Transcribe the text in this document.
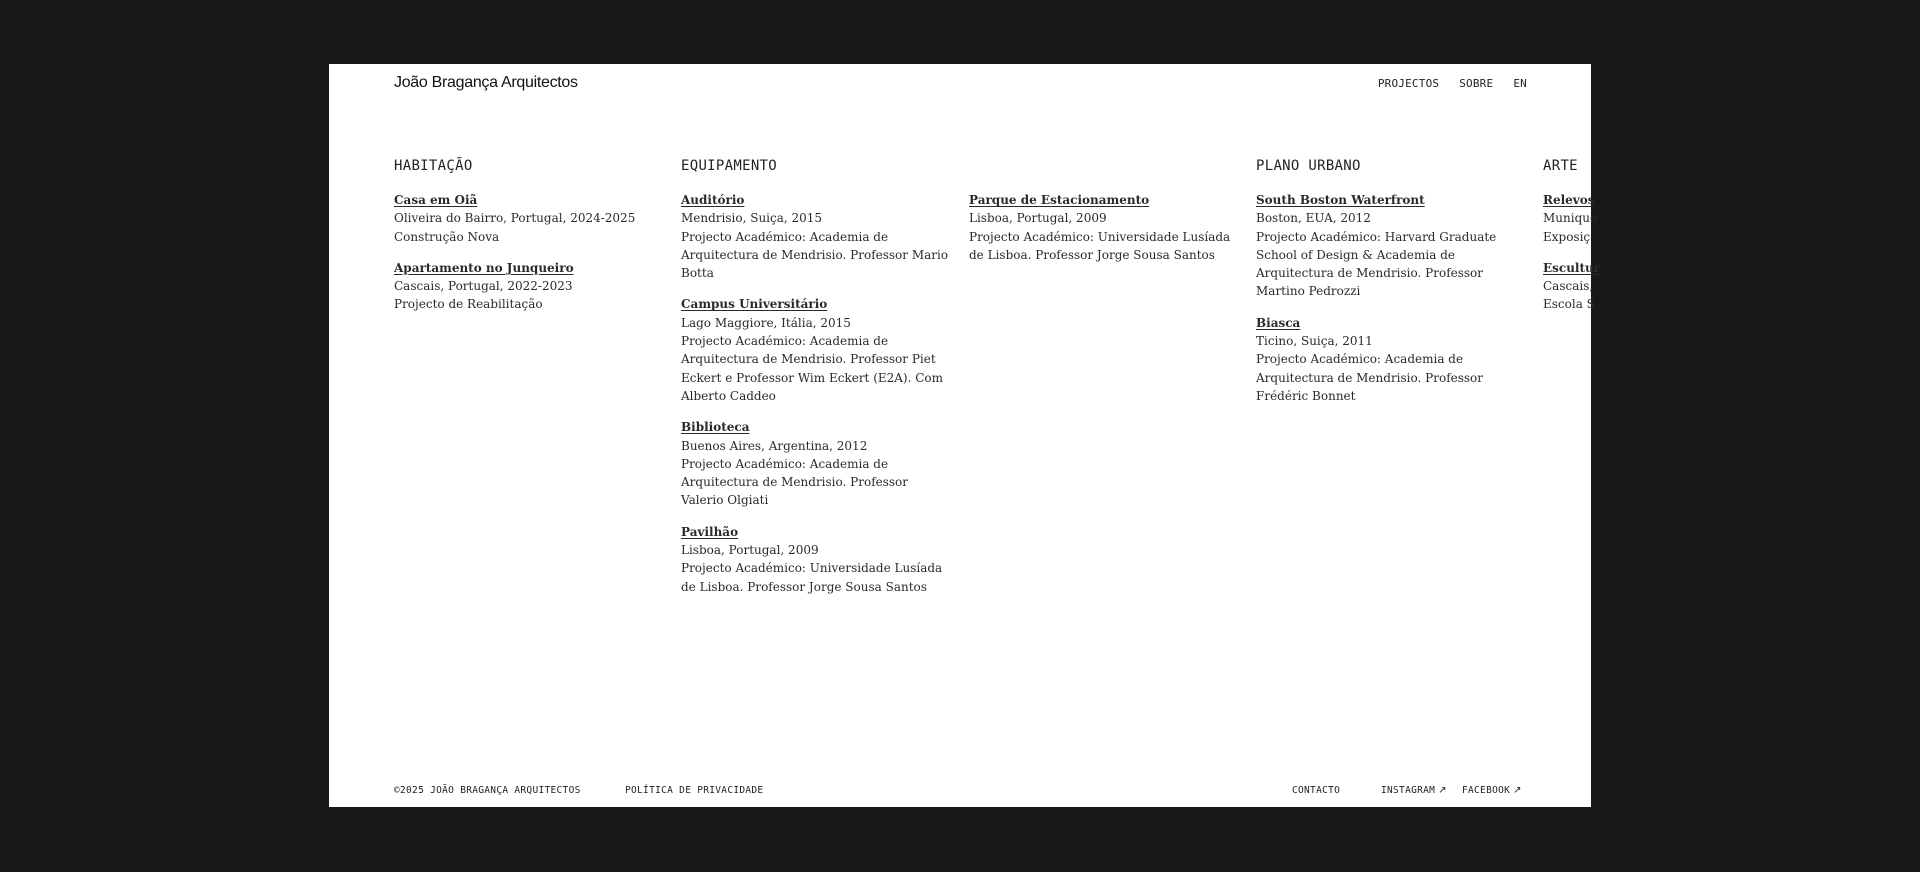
João Bragança Arquitectos	PROJECTOS SOBRE EN
HABITAÇÃO	EQUIPAMENTO	PLANO URBANO	ARTE
Casa em Oiã
Oliveira do Bairro, Portugal, 2024-2025
Construção Nova
Apartamento no Junqueiro
Cascais, Portugal, 2022-2023
Projecto de Reabilitação
Auditório
Mendrisio, Suiça, 2015
Projecto Académico: Academia de Arquitectura de Mendrisio. Professor Mario Botta
Campus Universitário
Lago Maggiore, Itália, 2015
Projecto Académico: Academia de Arquitectura de Mendrisio. Professor Piet Eckert e Professor Wim Eckert (E2A). Com Alberto Caddeo
Biblioteca
Buenos Aires, Argentina, 2012
Projecto Académico: Academia de Arquitectura de Mendrisio. Professor Valerio Olgiati
Pavilhão
Lisboa, Portugal, 2009
Projecto Académico: Universidade Lusíada de Lisboa. Professor Jorge Sousa Santos
Parque de Estacionamento
Lisboa, Portugal, 2009
Projecto Académico: Universidade Lusíada de Lisboa. Professor Jorge Sousa Santos
South Boston Waterfront
Boston, EUA, 2012
Projecto Académico: Harvard Graduate School of Design & Academia de Arquitectura de Mendrisio. Professor Martino Pedrozzi
Biasca
Ticino, Suiça, 2011
Projecto Académico: Academia de Arquitectura de Mendrisio. Professor Frédéric Bonnet
Relevos
Munique
Exposiç
Escultur
Cascais,
Escola S
©2025 JOÃO BRAGANÇA ARQUITECTOS	POLÍTICA DE PRIVACIDADE	CONTACTO	INSTAGRAM ↗ FACEBOOK ↗
